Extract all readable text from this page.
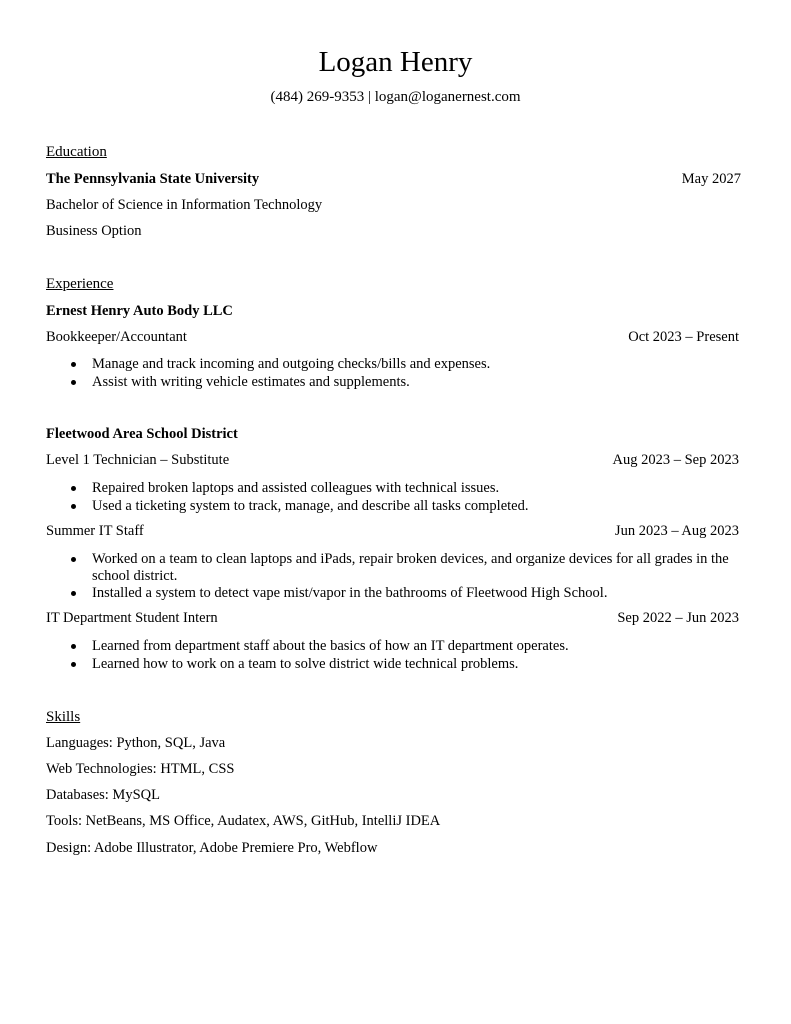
Logan Henry
(484) 269-9353 | logan@loganernest.com
Education
The Pennsylvania State University	May 2027
Bachelor of Science in Information Technology
Business Option
Experience
Ernest Henry Auto Body LLC
Bookkeeper/Accountant	Oct 2023 – Present
Manage and track incoming and outgoing checks/bills and expenses.
Assist with writing vehicle estimates and supplements.
Fleetwood Area School District
Level 1 Technician – Substitute	Aug 2023 – Sep 2023
Repaired broken laptops and assisted colleagues with technical issues.
Used a ticketing system to track, manage, and describe all tasks completed.
Summer IT Staff	Jun 2023 – Aug 2023
Worked on a team to clean laptops and iPads, repair broken devices, and organize devices for all grades in the school district.
Installed a system to detect vape mist/vapor in the bathrooms of Fleetwood High School.
IT Department Student Intern	Sep 2022 – Jun 2023
Learned from department staff about the basics of how an IT department operates.
Learned how to work on a team to solve district wide technical problems.
Skills
Languages: Python, SQL, Java
Web Technologies: HTML, CSS
Databases: MySQL
Tools: NetBeans, MS Office, Audatex, AWS, GitHub, IntelliJ IDEA
Design: Adobe Illustrator, Adobe Premiere Pro, Webflow
